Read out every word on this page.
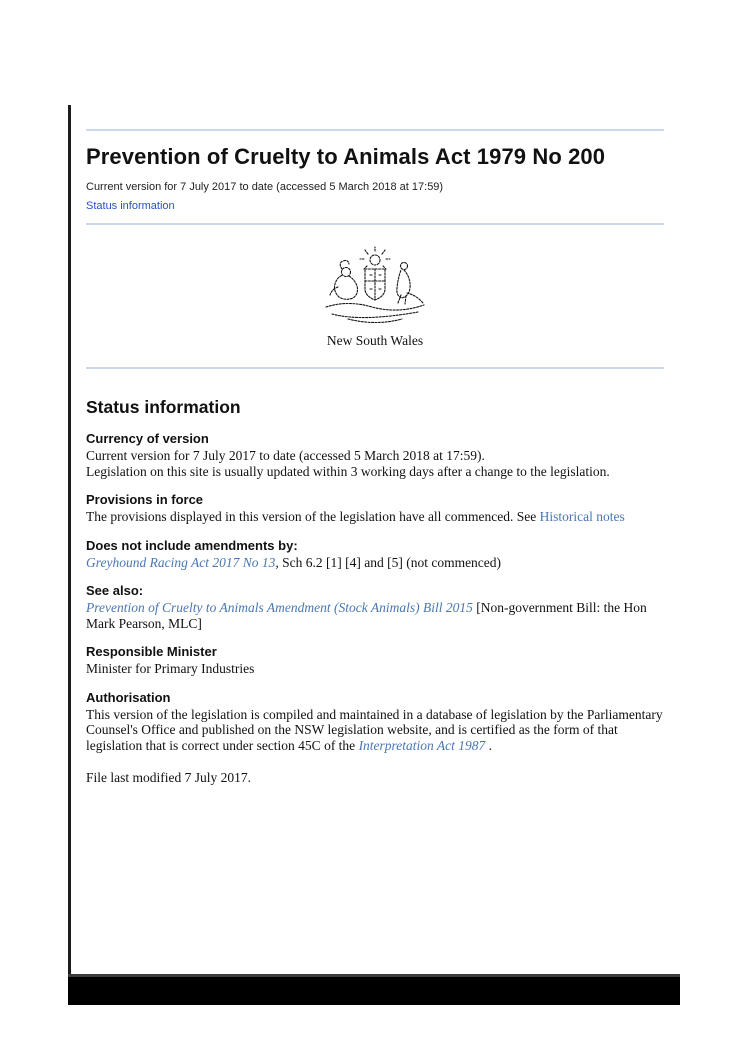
Prevention of Cruelty to Animals Act 1979 No 200
Current version for 7 July 2017 to date (accessed 5 March 2018 at 17:59)
Status information
New South Wales
Status information
Currency of version

Current version for 7 July 2017 to date (accessed 5 March 2018 at 17:59).

Legislation on this site is usually updated within 3 working days after a change to the legislation.

Provisions in force

The provisions displayed in this version of the legislation have all commenced. See Historical notes

Does not include amendments by:

Greyhound Racing Act 2017 No 13, Sch 6.2 [1] [4] and [5] (not commenced)

See also:

Prevention of Cruelty to Animals Amendment (Stock Animals) Bill 2015 [Non-government Bill: the Hon Mark Pearson, MLC]

Responsible Minister

Minister for Primary Industries

Authorisation

This version of the legislation is compiled and maintained in a database of legislation by the Parliamentary Counsel's Office and published on the NSW legislation website, and is certified as the form of that legislation that is correct under section 45C of the Interpretation Act 1987 .

File last modified 7 July 2017.
